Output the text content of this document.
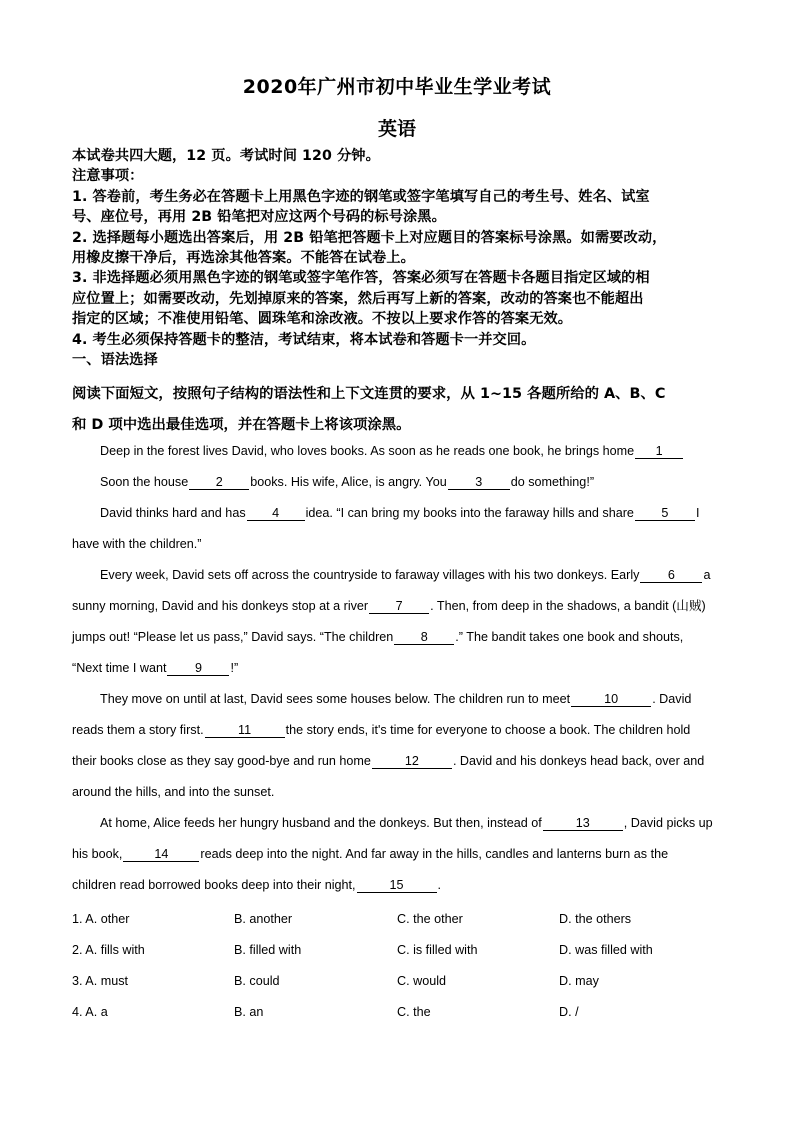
2020年广州市初中毕业生学业考试
英语
本试卷共四大题，12 页。考试时间 120 分钟。
注意事项：
1. 答卷前，考生务必在答题卡上用黑色字迹的钢笔或签字笔填写自己的考生号、姓名、试室
号、座位号，再用 2B 铅笔把对应这两个号码的标号涂黑。
2. 选择题每小题选出答案后，用 2B 铅笔把答题卡上对应题目的答案标号涂黑。如需要改动，
用橡皮擦干净后，再选涂其他答案。不能答在试卷上。
3. 非选择题必须用黑色字迹的钢笔或签字笔作答，答案必须写在答题卡各题目指定区域的相
应位置上；如需要改动，先划掉原来的答案，然后再写上新的答案，改动的答案也不能超出
指定的区域；不准使用铅笔、圆珠笔和涂改液。不按以上要求作答的答案无效。
4. 考生必须保持答题卡的整洁，考试结束，将本试卷和答题卡一并交回。
一、语法选择
阅读下面短文，按照句子结构的语法性和上下文连贯的要求，从 1~15 各题所给的 A、B、C
和 D 项中选出最佳选项，并在答题卡上将该项涂黑。
Deep in the forest lives David, who loves books. As soon as he reads one book, he brings home 1
Soon the house 2 books. His wife, Alice, is angry. You 3 do something!”
David thinks hard and has 4 idea. “I can bring my books into the faraway hills and share 5 I
have with the children.”
Every week, David sets off across the countryside to faraway villages with his two donkeys. Early 6 a
sunny morning, David and his donkeys stop at a river 7 . Then, from deep in the shadows, a bandit (山贼)
jumps out! “Please let us pass,” David says. “The children 8 .” The bandit takes one book and shouts,
“Next time I want 9 !”
They move on until at last, David sees some houses below. The children run to meet	10	. David
reads them a story first.	11	the story ends, it's time for everyone to choose a book. The children hold
their books close as they say good-bye and run home	12	. David and his donkeys head back, over and
around the hills, and into the sunset.
At home, Alice feeds her hungry husband and the donkeys. But then, instead of	13	, David picks up
his book,	14	reads deep into the night. And far away in the hills, candles and lanterns burn as the
children read borrowed books deep into their night,	15	.
1. A. other	B. another	C. the other	D. the others
2. A. fills with	B. filled with	C. is filled with	D. was filled with
3. A. must	B. could	C. would	D. may
4. A. a	B. an	C. the	D. /
